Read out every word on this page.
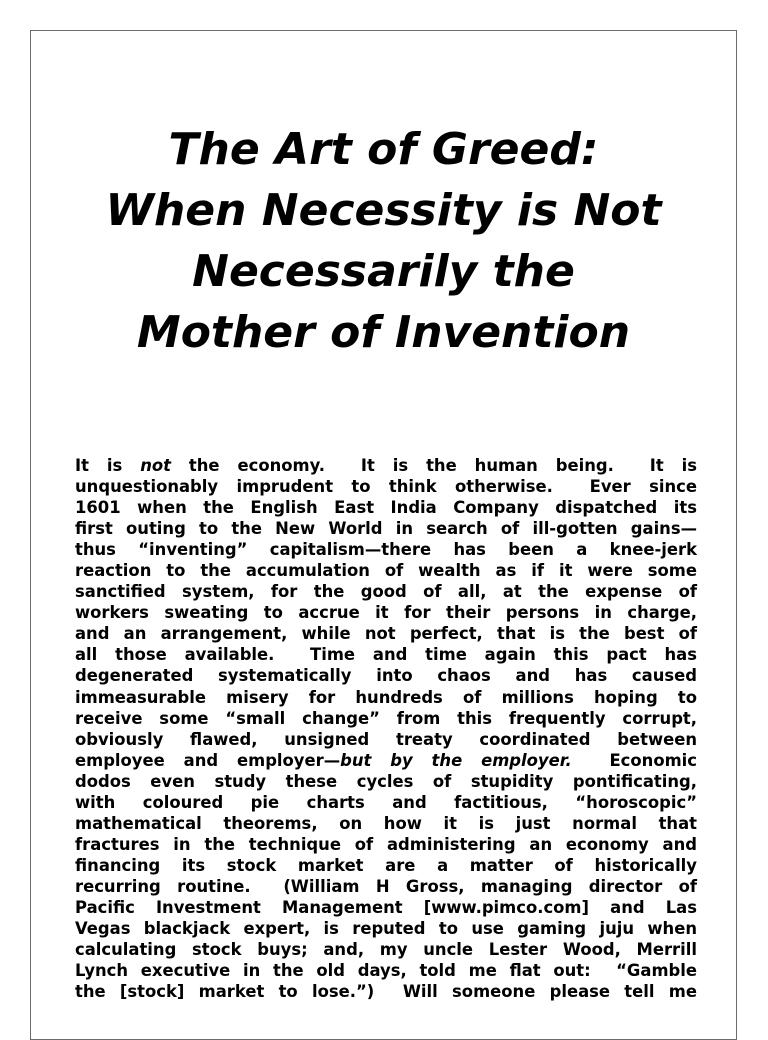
The Art of Greed:
When Necessity is Not
Necessarily the
Mother of Invention
It is not the economy.  It is the human being.  It is
unquestionably imprudent to think otherwise.  Ever since
1601 when the English East India Company dispatched its
first outing to the New World in search of ill-gotten gains—
thus “inventing” capitalism—there has been a knee-jerk
reaction to the accumulation of wealth as if it were some
sanctified system, for the good of all, at the expense of
workers sweating to accrue it for their persons in charge,
and an arrangement, while not perfect, that is the best of
all those available.  Time and time again this pact has
degenerated systematically into chaos and has caused
immeasurable misery for hundreds of millions hoping to
receive some “small change” from this frequently corrupt,
obviously flawed, unsigned treaty coordinated between
employee and employer—but by the employer.  Economic
dodos even study these cycles of stupidity pontificating,
with coloured pie charts and factitious, “horoscopic”
mathematical theorems, on how it is just normal that
fractures in the technique of administering an economy and
financing its stock market are a matter of historically
recurring routine.  (William H Gross, managing director of
Pacific Investment Management [www.pimco.com] and Las
Vegas blackjack expert, is reputed to use gaming juju when
calculating stock buys; and, my uncle Lester Wood, Merrill
Lynch executive in the old days, told me flat out:  “Gamble
the [stock] market to lose.”)  Will someone please tell me
